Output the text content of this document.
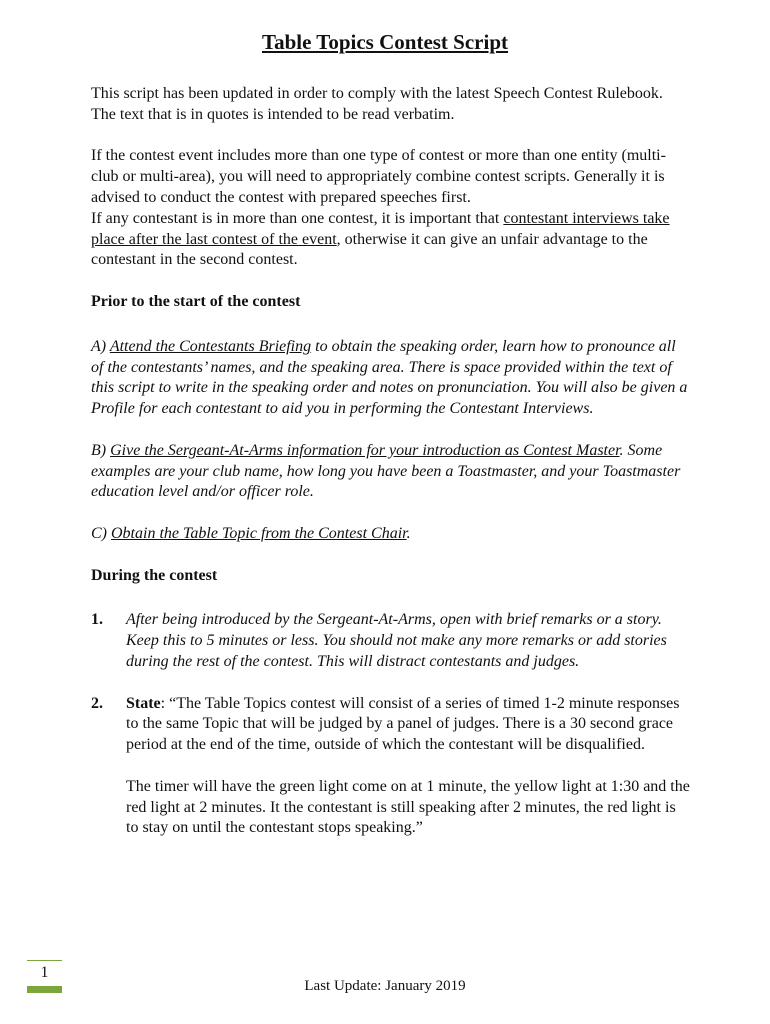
Table Topics Contest Script

This script has been updated in order to comply with the latest Speech Contest Rulebook. The text that is in quotes is intended to be read verbatim.

If the contest event includes more than one type of contest or more than one entity (multi-club or multi-area), you will need to appropriately combine contest scripts. Generally it is advised to conduct the contest with prepared speeches first.
If any contestant is in more than one contest, it is important that contestant interviews take place after the last contest of the event, otherwise it can give an unfair advantage to the contestant in the second contest.

Prior to the start of the contest

A) Attend the Contestants Briefing to obtain the speaking order, learn how to pronounce all of the contestants’ names, and the speaking area. There is space provided within the text of this script to write in the speaking order and notes on pronunciation. You will also be given a Profile for each contestant to aid you in performing the Contestant Interviews.

B) Give the Sergeant-At-Arms information for your introduction as Contest Master. Some examples are your club name, how long you have been a Toastmaster, and your Toastmaster education level and/or officer role.

C) Obtain the Table Topic from the Contest Chair.

During the contest
1.	After being introduced by the Sergeant-At-Arms, open with brief remarks or a story. Keep this to 5 minutes or less. You should not make any more remarks or add stories during the rest of the contest. This will distract contestants and judges.
2.	State: “The Table Topics contest will consist of a series of timed 1-2 minute responses to the same Topic that will be judged by a panel of judges. There is a 30 second grace period at the end of the time, outside of which the contestant will be disqualified.

The timer will have the green light come on at 1 minute, the yellow light at 1:30 and the red light at 2 minutes. It the contestant is still speaking after 2 minutes, the red light is to stay on until the contestant stops speaking.”

1
Last Update: January 2019
